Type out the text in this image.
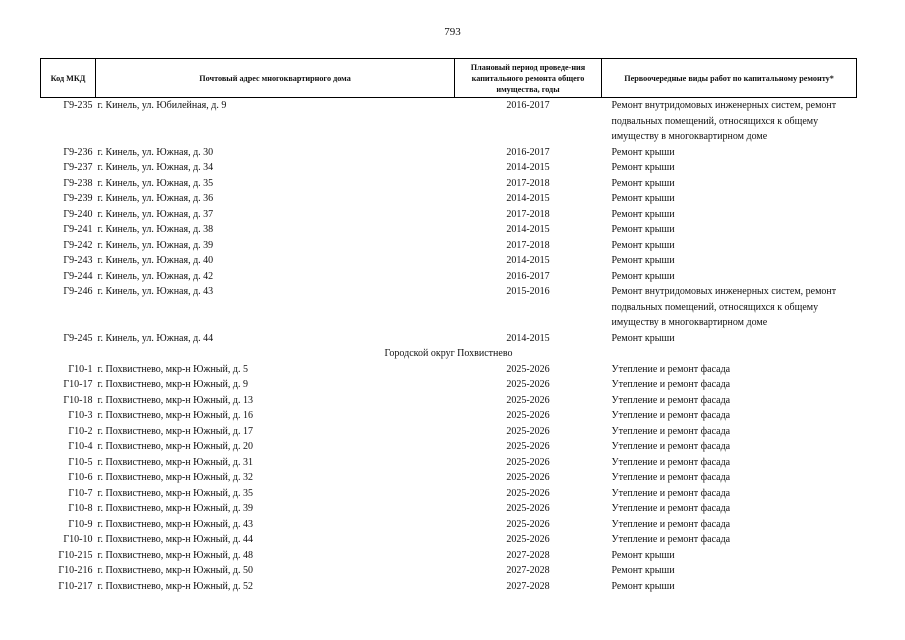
793
Код МКД	Почтовый адрес многоквартирного дома	Плановый период проведе-ния капитального ремонта общего имущества, годы	Первоочередные виды работ по капитальному ремонту*
Г9-235	г. Кинель, ул. Юбилейная, д. 9	2016-2017	Ремонт внутридомовых инженерных систем, ремонт подвальных помещений, относящихся к общему имуществу в многоквартирном доме
Г9-236	г. Кинель, ул. Южная, д. 30	2016-2017	Ремонт крыши
Г9-237	г. Кинель, ул. Южная, д. 34	2014-2015	Ремонт крыши
Г9-238	г. Кинель, ул. Южная, д. 35	2017-2018	Ремонт крыши
Г9-239	г. Кинель, ул. Южная, д. 36	2014-2015	Ремонт крыши
Г9-240	г. Кинель, ул. Южная, д. 37	2017-2018	Ремонт крыши
Г9-241	г. Кинель, ул. Южная, д. 38	2014-2015	Ремонт крыши
Г9-242	г. Кинель, ул. Южная, д. 39	2017-2018	Ремонт крыши
Г9-243	г. Кинель, ул. Южная, д. 40	2014-2015	Ремонт крыши
Г9-244	г. Кинель, ул. Южная, д. 42	2016-2017	Ремонт крыши
Г9-246	г. Кинель, ул. Южная, д. 43	2015-2016	Ремонт внутридомовых инженерных систем, ремонт подвальных помещений, относящихся к общему имуществу в многоквартирном доме
Г9-245	г. Кинель, ул. Южная, д. 44	2014-2015	Ремонт крыши
Городской округ Похвистнево			
Г10-1	г. Похвистнево, мкр-н Южный, д. 5	2025-2026	Утепление и ремонт фасада
Г10-17	г. Похвистнево, мкр-н Южный, д. 9	2025-2026	Утепление и ремонт фасада
Г10-18	г. Похвистнево, мкр-н Южный, д. 13	2025-2026	Утепление и ремонт фасада
Г10-3	г. Похвистнево, мкр-н Южный, д. 16	2025-2026	Утепление и ремонт фасада
Г10-2	г. Похвистнево, мкр-н Южный, д. 17	2025-2026	Утепление и ремонт фасада
Г10-4	г. Похвистнево, мкр-н Южный, д. 20	2025-2026	Утепление и ремонт фасада
Г10-5	г. Похвистнево, мкр-н Южный, д. 31	2025-2026	Утепление и ремонт фасада
Г10-6	г. Похвистнево, мкр-н Южный, д. 32	2025-2026	Утепление и ремонт фасада
Г10-7	г. Похвистнево, мкр-н Южный, д. 35	2025-2026	Утепление и ремонт фасада
Г10-8	г. Похвистнево, мкр-н Южный, д. 39	2025-2026	Утепление и ремонт фасада
Г10-9	г. Похвистнево, мкр-н Южный, д. 43	2025-2026	Утепление и ремонт фасада
Г10-10	г. Похвистнево, мкр-н Южный, д. 44	2025-2026	Утепление и ремонт фасада
Г10-215	г. Похвистнево, мкр-н Южный, д. 48	2027-2028	Ремонт крыши
Г10-216	г. Похвистнево, мкр-н Южный, д. 50	2027-2028	Ремонт крыши
Г10-217	г. Похвистнево, мкр-н Южный, д. 52	2027-2028	Ремонт крыши
